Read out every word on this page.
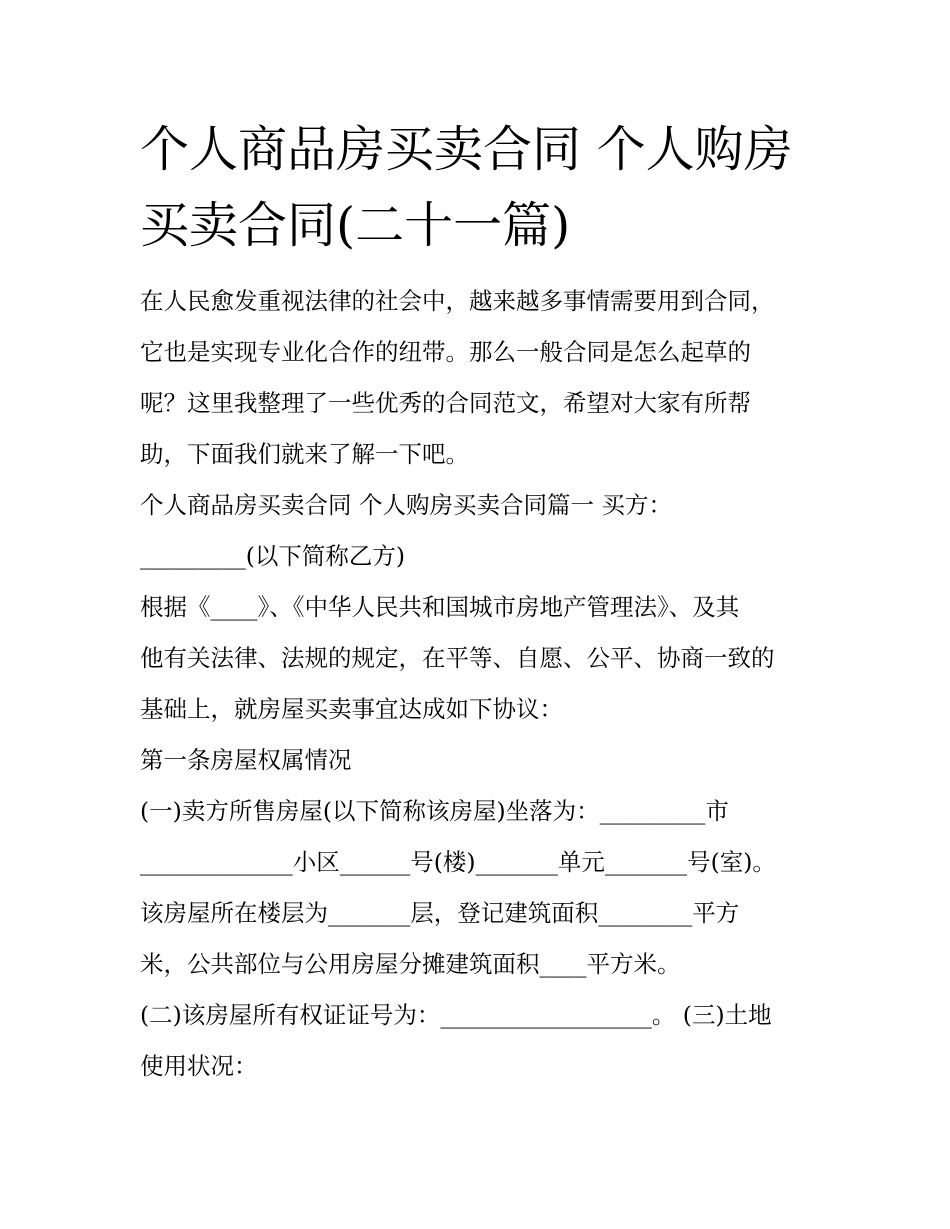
个人商品房买卖合同 个人购房
买卖合同(二十一篇)
在人民愈发重视法律的社会中，越来越多事情需要用到合同，
它也是实现专业化合作的纽带。那么一般合同是怎么起草的
呢？这里我整理了一些优秀的合同范文，希望对大家有所帮
助，下面我们就来了解一下吧。
个人商品房买卖合同 个人购房买卖合同篇一 买方：
_________(以下简称乙方)
根据《____》、《中华人民共和国城市房地产管理法》、及其
他有关法律、法规的规定，在平等、自愿、公平、协商一致的
基础上，就房屋买卖事宜达成如下协议：
第一条房屋权属情况
(一)卖方所售房屋(以下简称该房屋)坐落为：_________市
_____________小区______号(楼)_______单元_______号(室)。
该房屋所在楼层为_______层，登记建筑面积________平方
米，公共部位与公用房屋分摊建筑面积____平方米。
(二)该房屋所有权证证号为：__________________。 (三)土地
使用状况：
